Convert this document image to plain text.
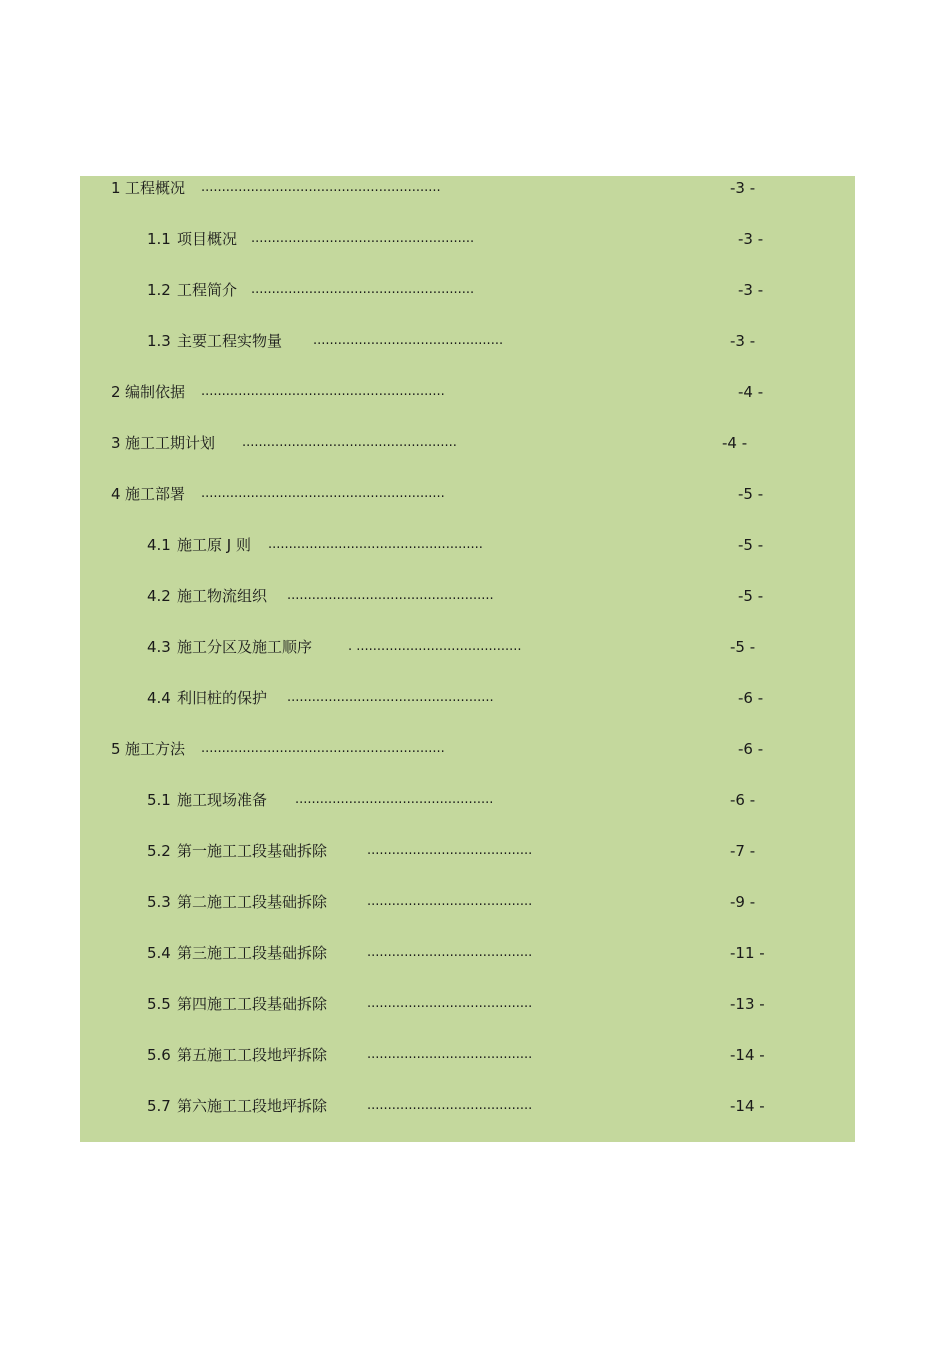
1 工程概况 ..........................................................	-3 -
1.1 项目概况 ......................................................	-3 -
1.2 工程简介 ......................................................	-3 -
1.3 主要工程实物量 ..............................................	-3 -
2 编制依据 ...........................................................	-4 -
3 施工工期计划 ....................................................	-4 -
4 施工部署 ...........................................................	-5 -
4.1 施工原 J 则 ....................................................	-5 -
4.2 施工物流组织 ..................................................	-5 -
4.3 施工分区及施工顺序	. ........................................	-5 -
4.4 利旧桩的保护 ..................................................	-6 -
5 施工方法 ...........................................................	-6 -
5.1 施工现场准备 ................................................	-6 -
5.2 第一施工工段基础拆除	........................................	-7 -
5.3 第二施工工段基础拆除	........................................	-9 -
5.4 第三施工工段基础拆除	........................................	-11 -
5.5 第四施工工段基础拆除	........................................	-13 -
5.6 第五施工工段地坪拆除	........................................	-14 -
5.7 第六施工工段地坪拆除	........................................	-14 -
